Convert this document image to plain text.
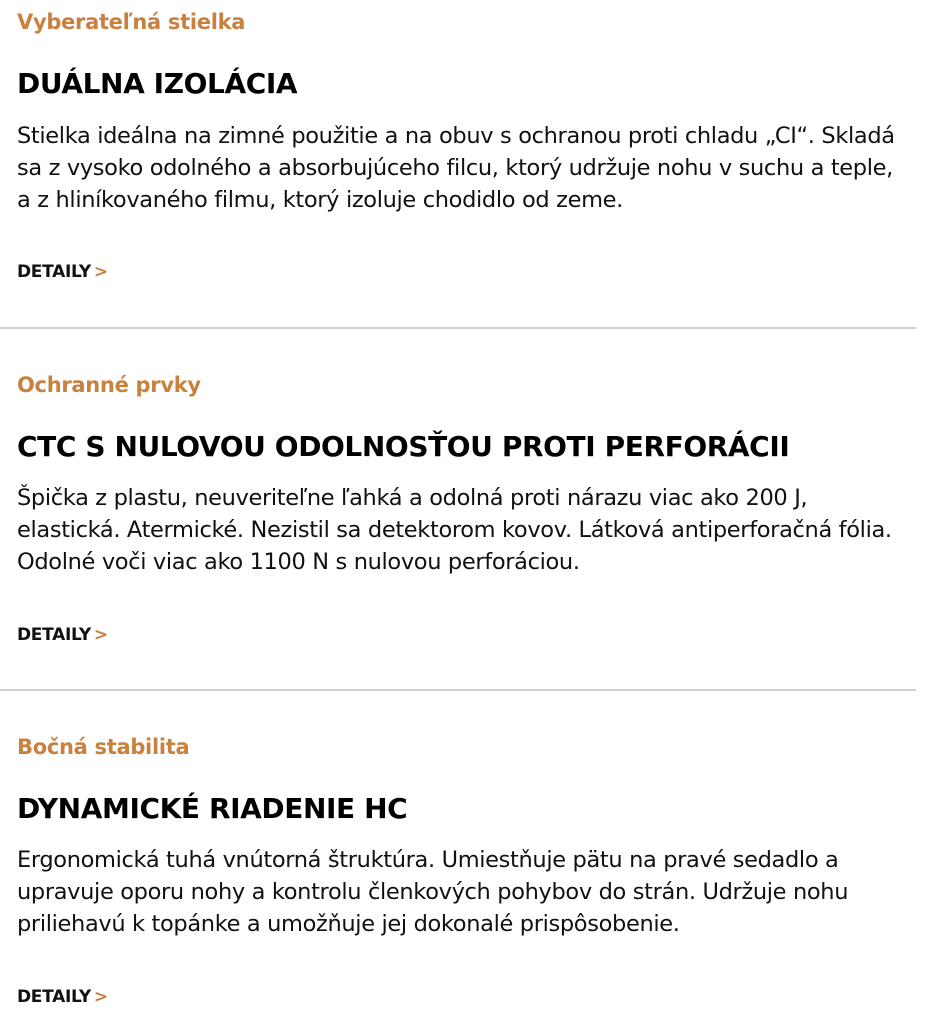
Vyberateľná stielka
DUÁLNA IZOLÁCIA

Stielka ideálna na zimné použitie a na obuv s ochranou proti chladu „CI“. Skladá sa z vysoko odolného a absorbujúceho filcu, ktorý udržuje nohu v suchu a teple, a z hliníkovaného filmu, ktorý izoluje chodidlo od zeme.

DETAILY >
Ochranné prvky
CTC S NULOVOU ODOLNOSŤOU PROTI PERFORÁCII

Špička z plastu, neuveriteľne ľahká a odolná proti nárazu viac ako 200 J, elastická. Atermické. Nezistil sa detektorom kovov. Látková antiperforačná fólia. Odolné voči viac ako 1100 N s nulovou perforáciou.

DETAILY >
Bočná stabilita
DYNAMICKÉ RIADENIE HC

Ergonomická tuhá vnútorná štruktúra. Umiestňuje pätu na pravé sedadlo a upravuje oporu nohy a kontrolu členkových pohybov do strán. Udržuje nohu priliehavú k topánke a umožňuje jej dokonalé prispôsobenie.

DETAILY >
